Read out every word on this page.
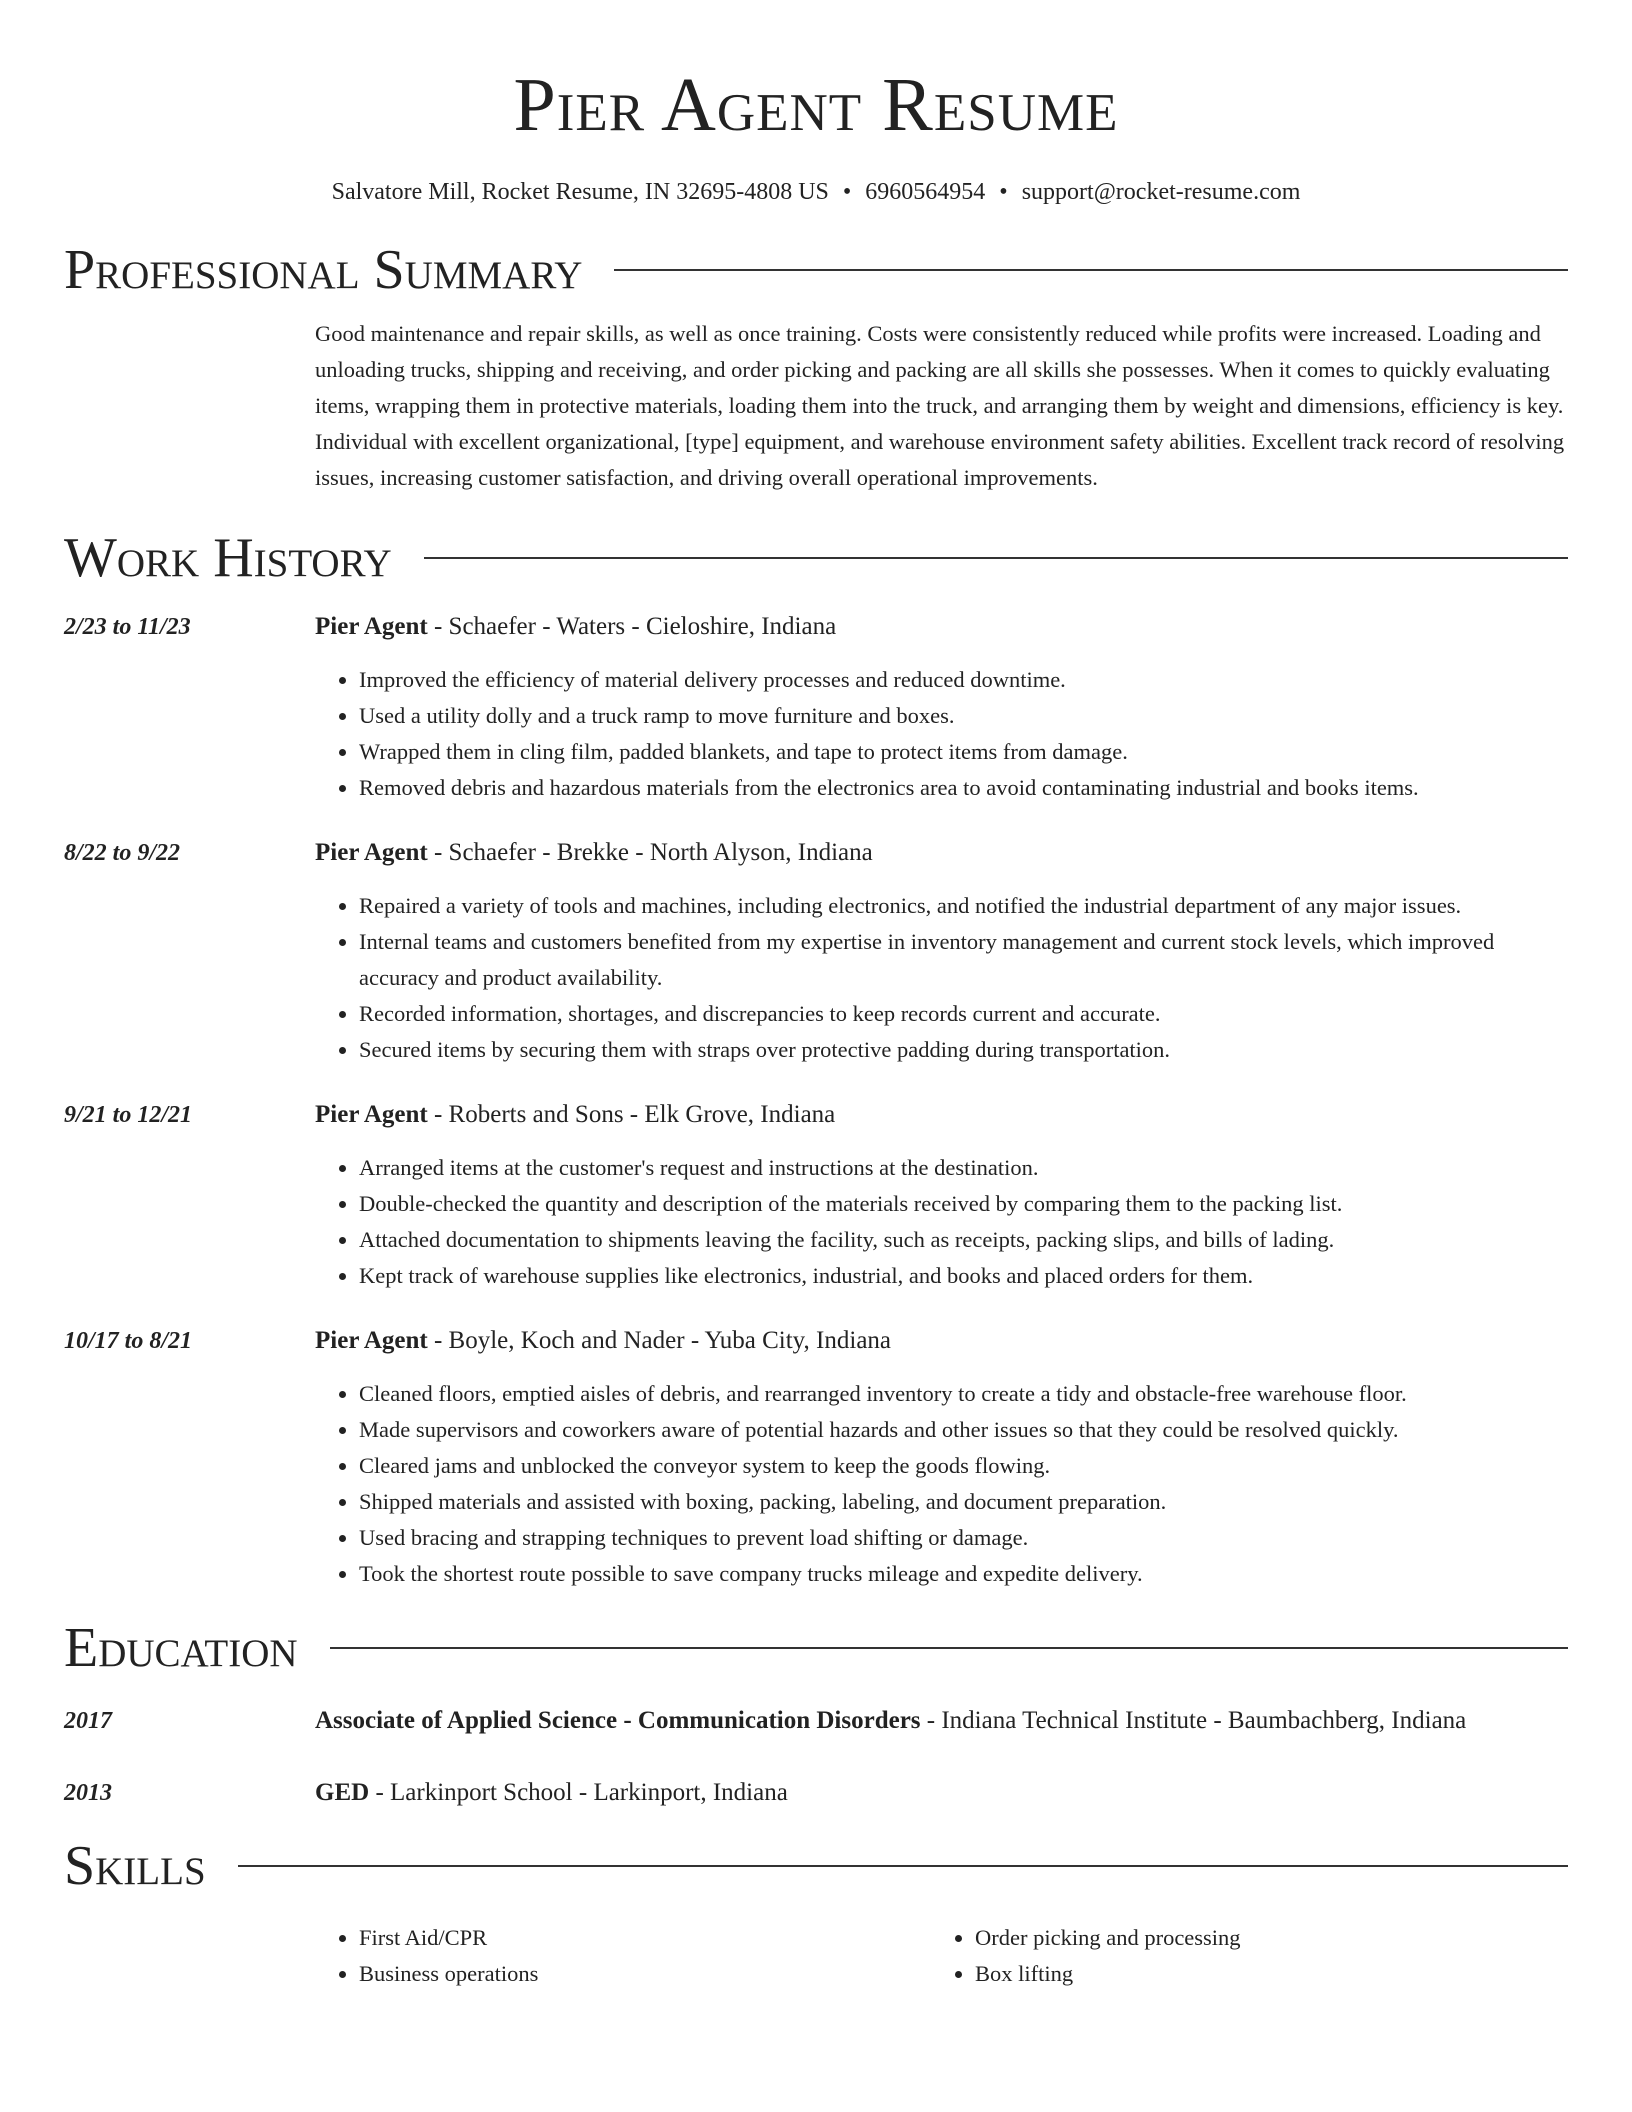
Pier Agent Resume
Salvatore Mill, Rocket Resume, IN 32695-4808 US • 6960564954 • support@rocket-resume.com
Professional Summary
Good maintenance and repair skills, as well as once training. Costs were consistently reduced while profits were increased. Loading and unloading trucks, shipping and receiving, and order picking and packing are all skills she possesses. When it comes to quickly evaluating items, wrapping them in protective materials, loading them into the truck, and arranging them by weight and dimensions, efficiency is key. Individual with excellent organizational, [type] equipment, and warehouse environment safety abilities. Excellent track record of resolving issues, increasing customer satisfaction, and driving overall operational improvements.
Work History
2/23 to 11/23	Pier Agent - Schaefer - Waters - Cieloshire, Indiana
• Improved the efficiency of material delivery processes and reduced downtime.
• Used a utility dolly and a truck ramp to move furniture and boxes.
• Wrapped them in cling film, padded blankets, and tape to protect items from damage.
• Removed debris and hazardous materials from the electronics area to avoid contaminating industrial and books items.
8/22 to 9/22	Pier Agent - Schaefer - Brekke - North Alyson, Indiana
• Repaired a variety of tools and machines, including electronics, and notified the industrial department of any major issues.
• Internal teams and customers benefited from my expertise in inventory management and current stock levels, which improved accuracy and product availability.
• Recorded information, shortages, and discrepancies to keep records current and accurate.
• Secured items by securing them with straps over protective padding during transportation.
9/21 to 12/21	Pier Agent - Roberts and Sons - Elk Grove, Indiana
• Arranged items at the customer's request and instructions at the destination.
• Double-checked the quantity and description of the materials received by comparing them to the packing list.
• Attached documentation to shipments leaving the facility, such as receipts, packing slips, and bills of lading.
• Kept track of warehouse supplies like electronics, industrial, and books and placed orders for them.
10/17 to 8/21	Pier Agent - Boyle, Koch and Nader - Yuba City, Indiana
• Cleaned floors, emptied aisles of debris, and rearranged inventory to create a tidy and obstacle-free warehouse floor.
• Made supervisors and coworkers aware of potential hazards and other issues so that they could be resolved quickly.
• Cleared jams and unblocked the conveyor system to keep the goods flowing.
• Shipped materials and assisted with boxing, packing, labeling, and document preparation.
• Used bracing and strapping techniques to prevent load shifting or damage.
• Took the shortest route possible to save company trucks mileage and expedite delivery.
Education
2017	Associate of Applied Science - Communication Disorders - Indiana Technical Institute - Baumbachberg, Indiana
2013	GED - Larkinport School - Larkinport, Indiana
Skills
• First Aid/CPR
• Business operations
• Order picking and processing
• Box lifting
